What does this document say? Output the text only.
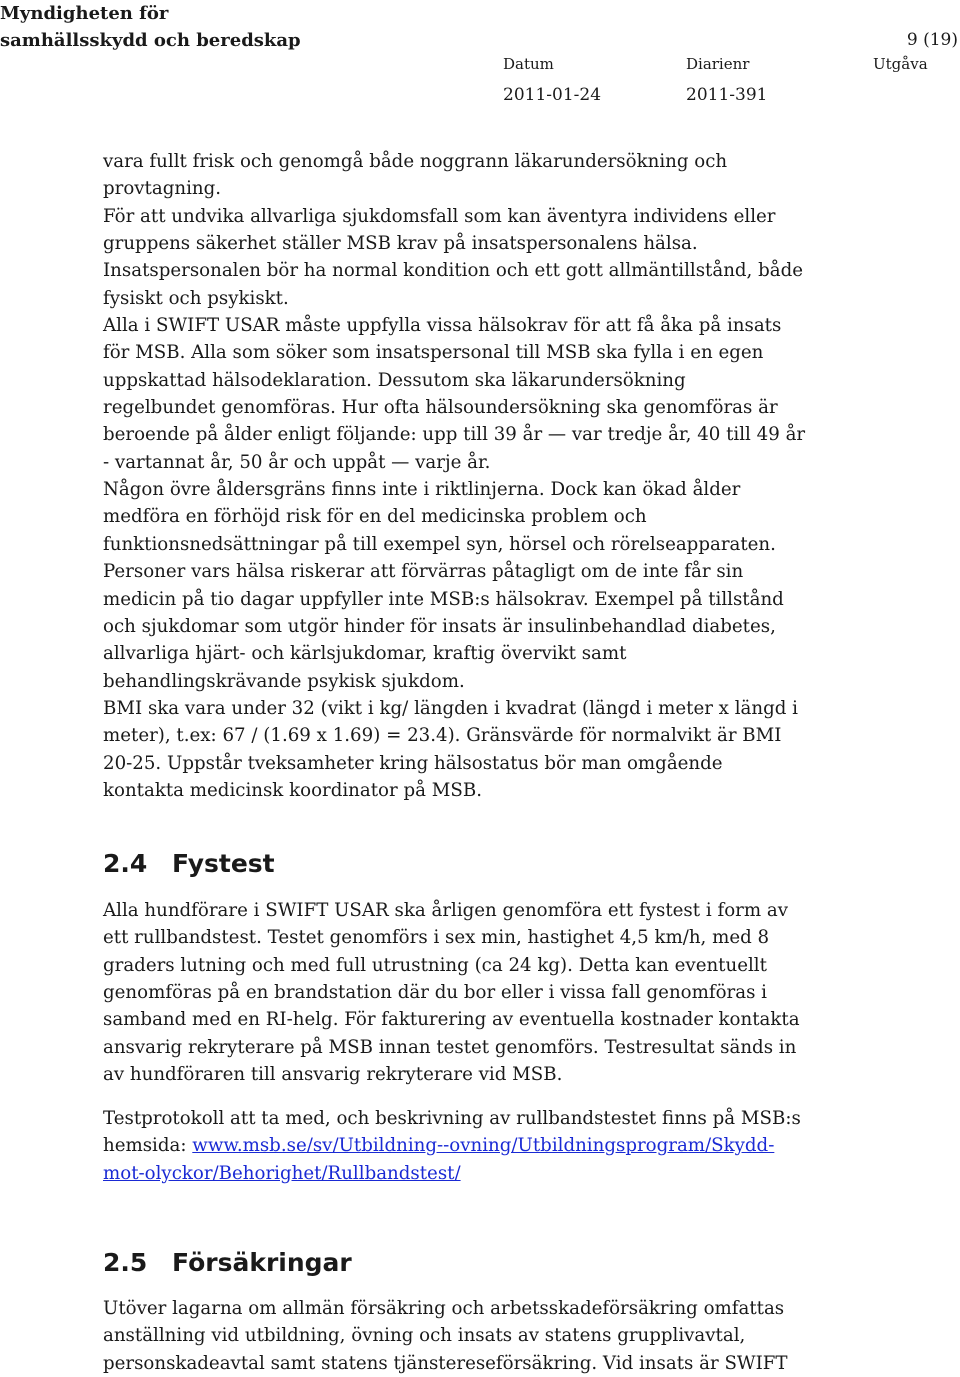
Myndigheten för
samhällsskydd och beredskap	9 (19)
Datum
2011-01-24
Diarienr
2011-391
Utgåva

vara fullt frisk och genomgå både noggrann läkarundersökning och

provtagning.

För att undvika allvarliga sjukdomsfall som kan äventyra individens eller

gruppens säkerhet ställer MSB krav på insatspersonalens hälsa.

Insatspersonalen bör ha normal kondition och ett gott allmäntillstånd, både

fysiskt och psykiskt.

Alla i SWIFT USAR måste uppfylla vissa hälsokrav för att få åka på insats

för MSB. Alla som söker som insatspersonal till MSB ska fylla i en egen

uppskattad hälsodeklaration. Dessutom ska läkarundersökning

regelbundet genomföras. Hur ofta hälsoundersökning ska genomföras är

beroende på ålder enligt följande: upp till 39 år — var tredje år, 40 till 49 år

- vartannat år, 50 år och uppåt — varje år.

Någon övre åldersgräns finns inte i riktlinjerna. Dock kan ökad ålder

medföra en förhöjd risk för en del medicinska problem och

funktionsnedsättningar på till exempel syn, hörsel och rörelseapparaten.

Personer vars hälsa riskerar att förvärras påtagligt om de inte får sin

medicin på tio dagar uppfyller inte MSB:s hälsokrav. Exempel på tillstånd

och sjukdomar som utgör hinder för insats är insulinbehandlad diabetes,

allvarliga hjärt- och kärlsjukdomar, kraftig övervikt samt

behandlingskrävande psykisk sjukdom.

BMI ska vara under 32 (vikt i kg/ längden i kvadrat (längd i meter x längd i

meter), t.ex: 67 / (1.69 x 1.69) = 23.4). Gränsvärde för normalvikt är BMI

20-25. Uppstår tveksamheter kring hälsostatus bör man omgående

kontakta medicinsk koordinator på MSB.

2.4 Fystest

Alla hundförare i SWIFT USAR ska årligen genomföra ett fystest i form av

ett rullbandstest. Testet genomförs i sex min, hastighet 4,5 km/h, med 8

graders lutning och med full utrustning (ca 24 kg). Detta kan eventuellt

genomföras på en brandstation där du bor eller i vissa fall genomföras i

samband med en RI-helg. För fakturering av eventuella kostnader kontakta

ansvarig rekryterare på MSB innan testet genomförs. Testresultat sänds in

av hundföraren till ansvarig rekryterare vid MSB.

Testprotokoll att ta med, och beskrivning av rullbandstestet finns på MSB:s

hemsida: www.msb.se/sv/Utbildning--ovning/Utbildningsprogram/Skydd-

mot-olyckor/Behorighet/Rullbandstest/

2.5 Försäkringar

Utöver lagarna om allmän försäkring och arbetsskadeförsäkring omfattas

anställning vid utbildning, övning och insats av statens grupplivavtal,

personskadeavtal samt statens tjänstereseförsäkring. Vid insats är SWIFT
